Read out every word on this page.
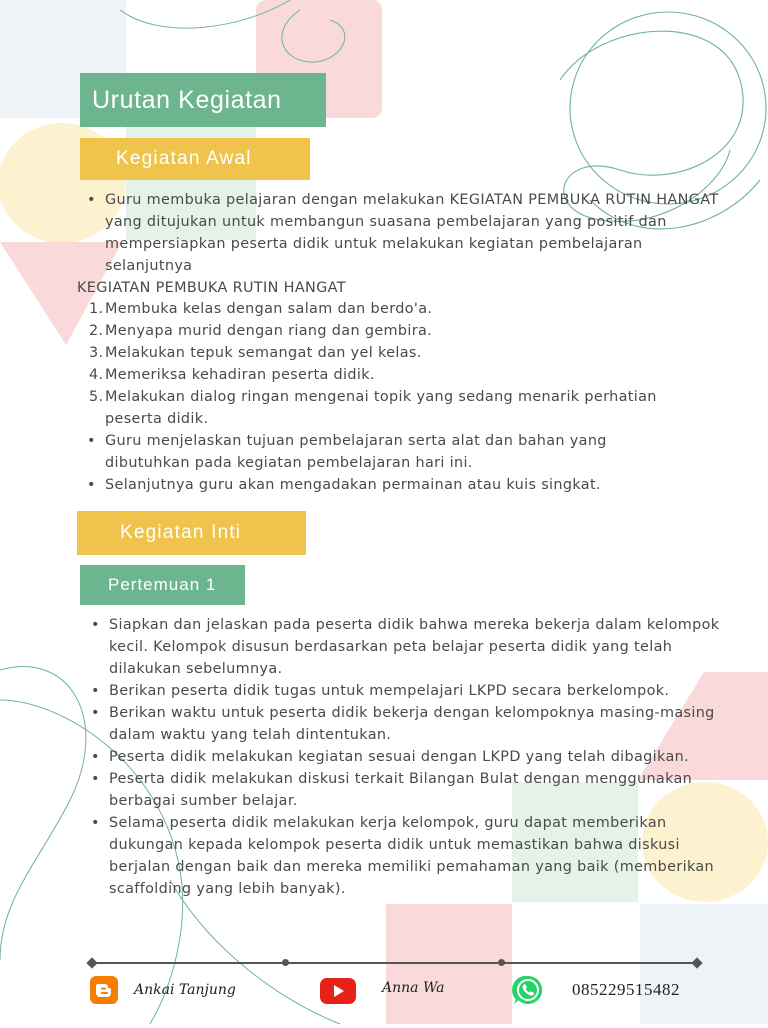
Urutan Kegiatan
Kegiatan Awal
• Guru membuka pelajaran dengan melakukan KEGIATAN PEMBUKA RUTIN HANGAT yang ditujukan untuk membangun suasana pembelajaran yang positif dan mempersiapkan peserta didik untuk melakukan kegiatan pembelajaran selanjutnya
KEGIATAN PEMBUKA RUTIN HANGAT
1. Membuka kelas dengan salam dan berdo'a.
2. Menyapa murid dengan riang dan gembira.
3. Melakukan tepuk semangat dan yel kelas.
4. Memeriksa kehadiran peserta didik.
5. Melakukan dialog ringan mengenai topik yang sedang menarik perhatian peserta didik.
• Guru menjelaskan tujuan pembelajaran serta alat dan bahan yang dibutuhkan pada kegiatan pembelajaran hari ini.
• Selanjutnya guru akan mengadakan permainan atau kuis singkat.
Kegiatan Inti
Pertemuan 1
• Siapkan dan jelaskan pada peserta didik bahwa mereka bekerja dalam kelompok kecil. Kelompok disusun berdasarkan peta belajar peserta didik yang telah dilakukan sebelumnya.
• Berikan peserta didik tugas untuk mempelajari LKPD secara berkelompok.
• Berikan waktu untuk peserta didik bekerja dengan kelompoknya masing-masing dalam waktu yang telah dintentukan.
• Peserta didik melakukan kegiatan sesuai dengan LKPD yang telah dibagikan.
• Peserta didik melakukan diskusi terkait Bilangan Bulat dengan menggunakan berbagai sumber belajar.
• Selama peserta didik melakukan kerja kelompok, guru dapat memberikan dukungan kepada kelompok peserta didik untuk memastikan bahwa diskusi berjalan dengan baik dan mereka memiliki pemahaman yang baik (memberikan scaffolding yang lebih banyak).
Ankai Tanjung	Anna Wa	085229515482
